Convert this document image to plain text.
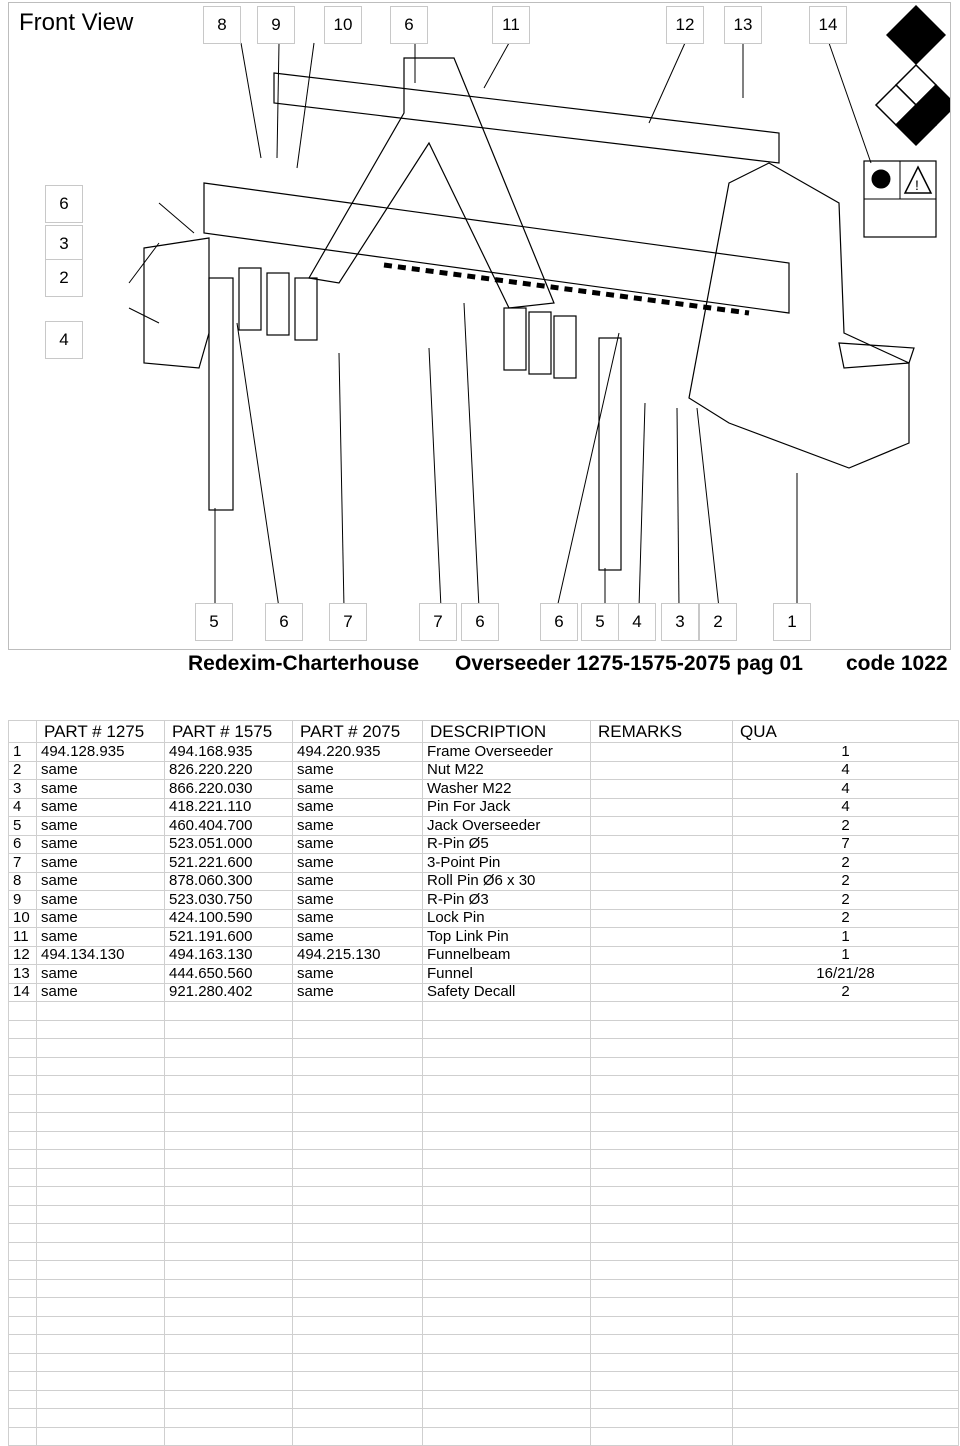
!
Front View	8	9	10	6	11	12	13	14
6
3
2
4
5	6	7	7	6	6	5	4	3	2	1
Redexim-Charterhouse Overseeder 1275-1575-2075 pag 01 code 1022
	PART # 1275	PART # 1575	PART # 2075	DESCRIPTION	REMARKS	QUA
1	494.128.935	494.168.935	494.220.935	Frame Overseeder		1
2	same	826.220.220	same	Nut M22		4
3	same	866.220.030	same	Washer M22		4
4	same	418.221.110	same	Pin For Jack		4
5	same	460.404.700	same	Jack Overseeder		2
6	same	523.051.000	same	R-Pin Ø5		7
7	same	521.221.600	same	3-Point Pin		2
8	same	878.060.300	same	Roll Pin Ø6 x 30		2
9	same	523.030.750	same	R-Pin Ø3		2
10	same	424.100.590	same	Lock Pin		2
11	same	521.191.600	same	Top Link Pin		1
12	494.134.130	494.163.130	494.215.130	Funnelbeam		1
13	same	444.650.560	same	Funnel		16/21/28
14	same	921.280.402	same	Safety Decall		2
